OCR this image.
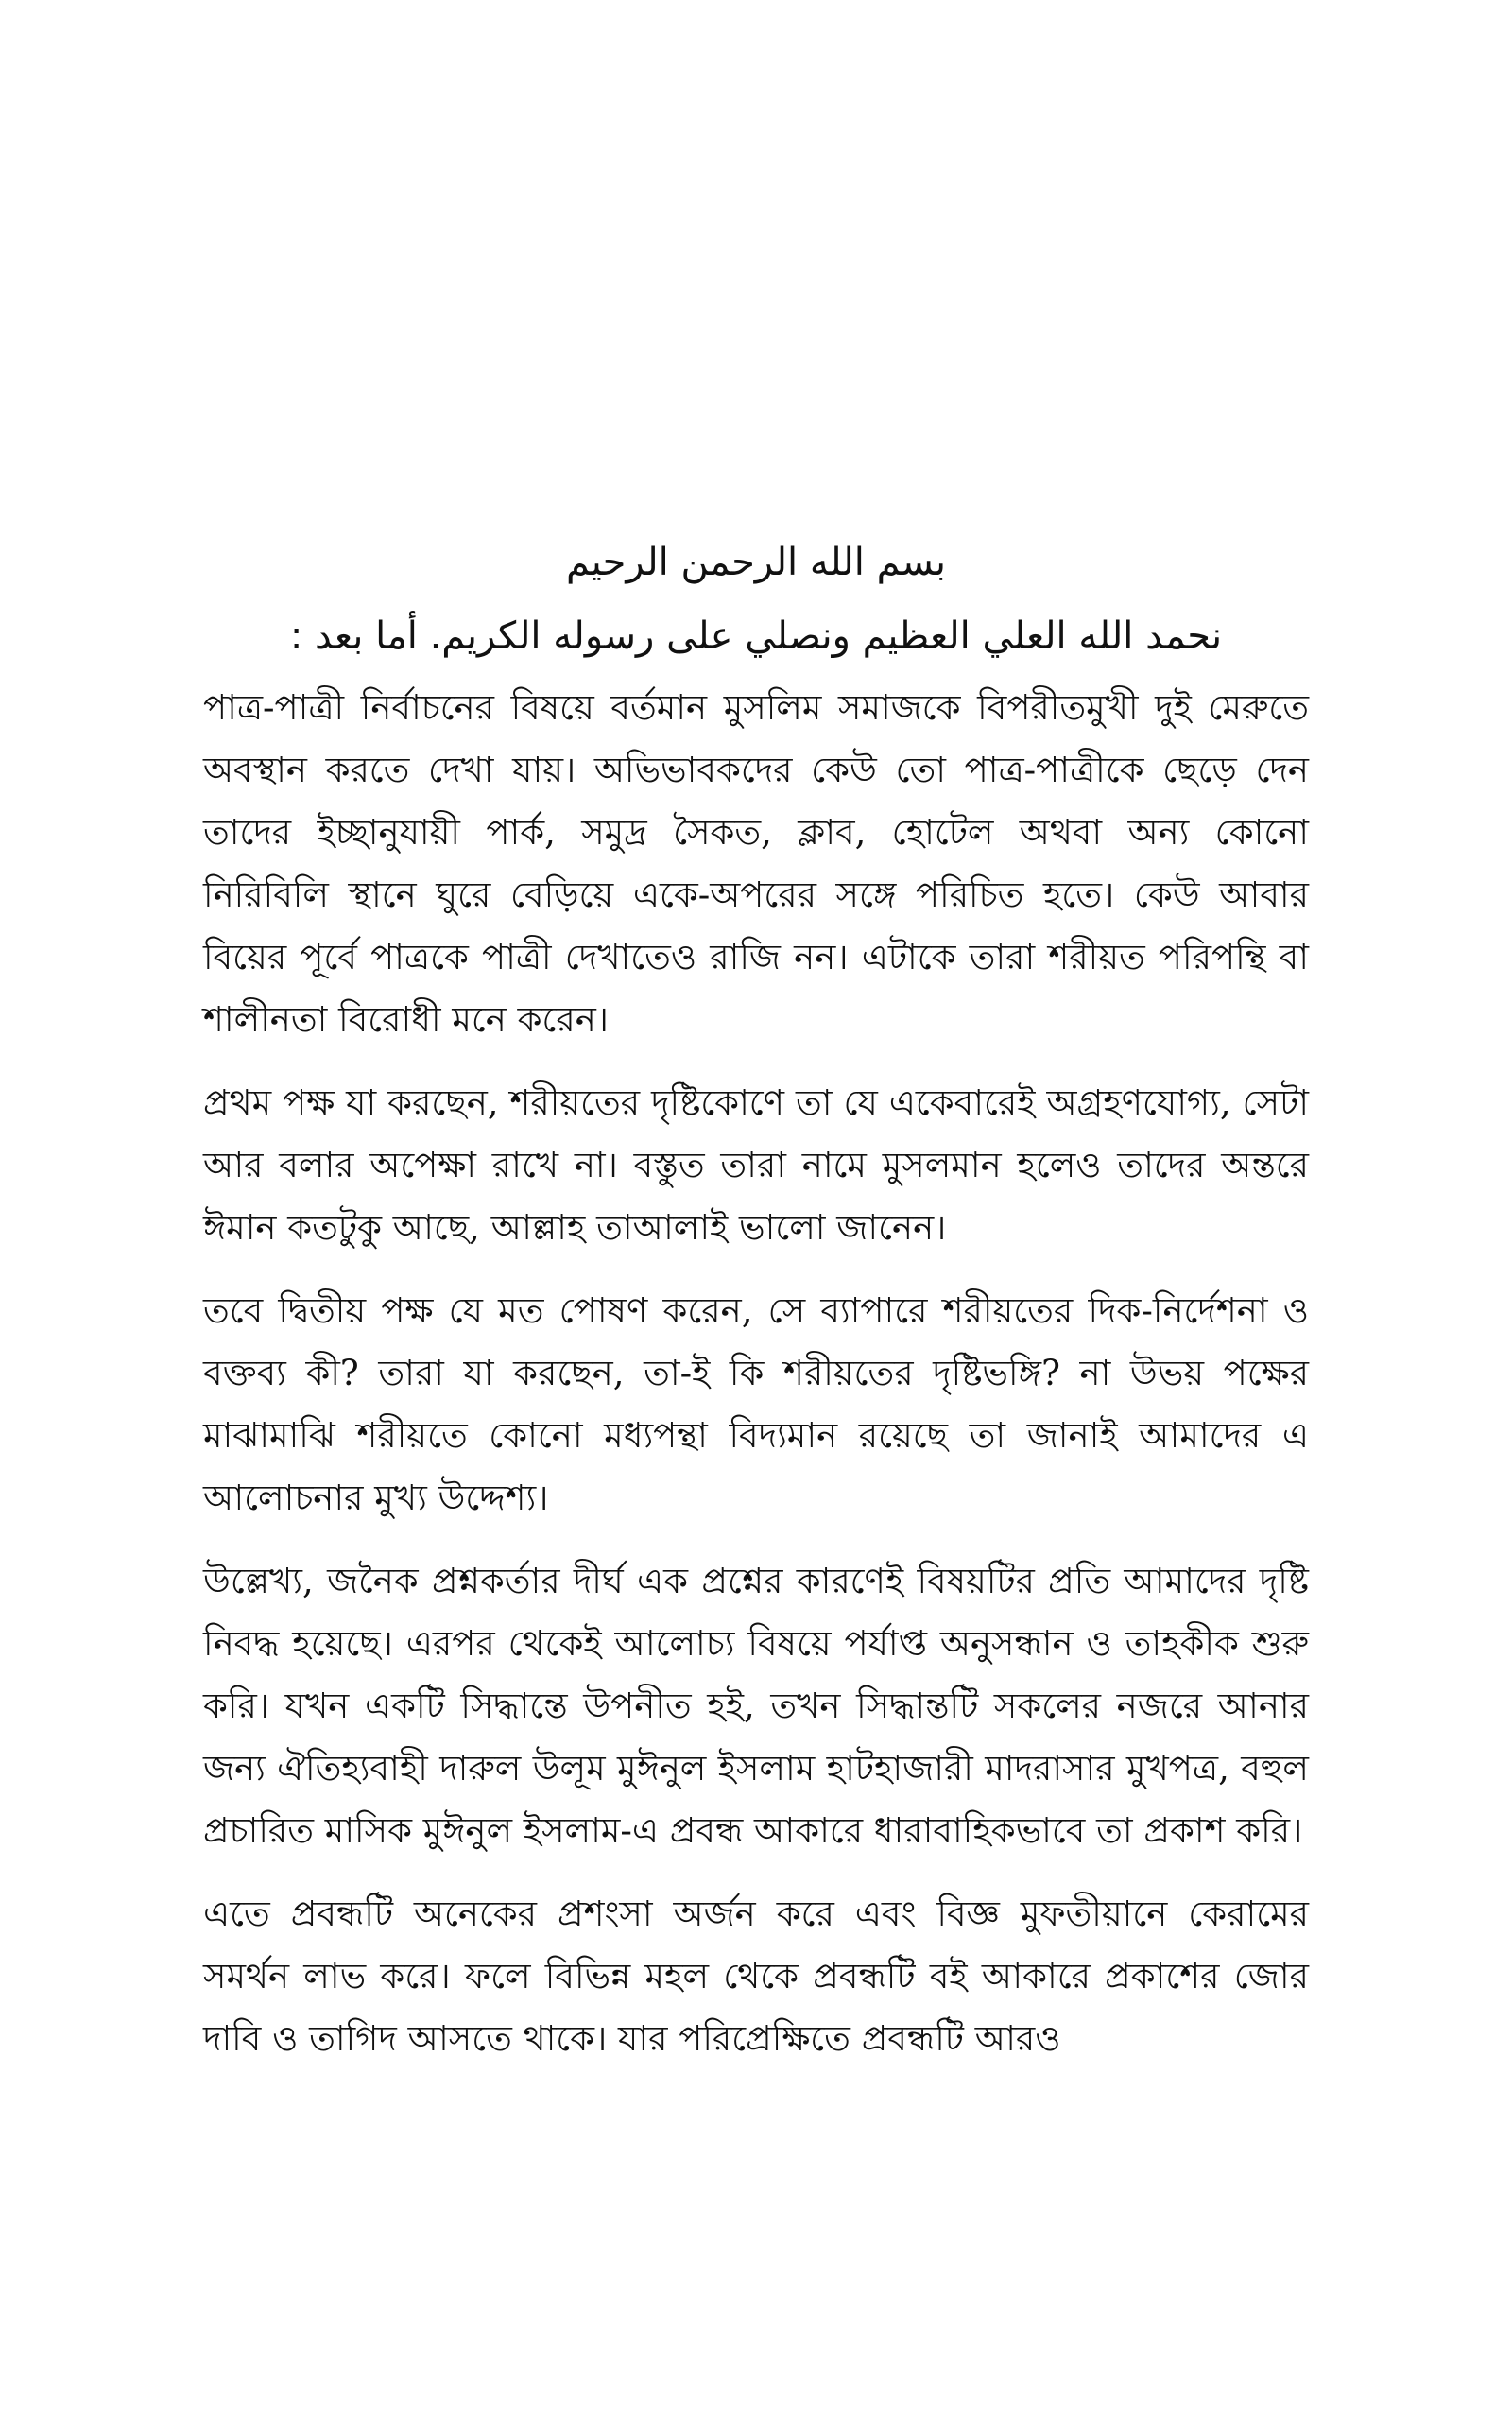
بسم الله الرحمن الرحيم

نحمد الله العلي العظيم ونصلي على رسوله الكريم. أما بعد :

পাত্র-পাত্রী নির্বাচনের বিষয়ে বর্তমান মুসলিম সমাজকে বিপরীতমুখী দুই মেরুতে অবস্থান করতে দেখা যায়। অভিভাবকদের কেউ তো পাত্র-পাত্রীকে ছেড়ে দেন তাদের ইচ্ছানুযায়ী পার্ক, সমুদ্র সৈকত, ক্লাব, হোটেল অথবা অন্য কোনো নিরিবিলি স্থানে ঘুরে বেড়িয়ে একে-অপরের সঙ্গে পরিচিত হতে। কেউ আবার বিয়ের পূর্বে পাত্রকে পাত্রী দেখাতেও রাজি নন। এটাকে তারা শরীয়ত পরিপন্থি বা শালীনতা বিরোধী মনে করেন।

প্রথম পক্ষ যা করছেন, শরীয়তের দৃষ্টিকোণে তা যে একেবারেই অগ্রহণযোগ্য, সেটা আর বলার অপেক্ষা রাখে না। বস্তুত তারা নামে মুসলমান হলেও তাদের অন্তরে ঈমান কতটুকু আছে, আল্লাহ তাআলাই ভালো জানেন।

তবে দ্বিতীয় পক্ষ যে মত পোষণ করেন, সে ব্যাপারে শরীয়তের দিক-নির্দেশনা ও বক্তব্য কী? তারা যা করছেন, তা-ই কি শরীয়তের দৃষ্টিভঙ্গি? না উভয় পক্ষের মাঝামাঝি শরীয়তে কোনো মধ্যপন্থা বিদ্যমান রয়েছে তা জানাই আমাদের এ আলোচনার মুখ্য উদ্দেশ্য।

উল্লেখ্য, জনৈক প্রশ্নকর্তার দীর্ঘ এক প্রশ্নের কারণেই বিষয়টির প্রতি আমাদের দৃষ্টি নিবদ্ধ হয়েছে। এরপর থেকেই আলোচ্য বিষয়ে পর্যাপ্ত অনুসন্ধান ও তাহকীক শুরু করি। যখন একটি সিদ্ধান্তে উপনীত হই, তখন সিদ্ধান্তটি সকলের নজরে আনার জন্য ঐতিহ্যবাহী দারুল উলূম মুঈনুল ইসলাম হাটহাজারী মাদরাসার মুখপত্র, বহুল প্রচারিত মাসিক মুঈনুল ইসলাম-এ প্রবন্ধ আকারে ধারাবাহিকভাবে তা প্রকাশ করি।

এতে প্রবন্ধটি অনেকের প্রশংসা অর্জন করে এবং বিজ্ঞ মুফতীয়ানে কেরামের সমর্থন লাভ করে। ফলে বিভিন্ন মহল থেকে প্রবন্ধটি বই আকারে প্রকাশের জোর দাবি ও তাগিদ আসতে থাকে। যার পরিপ্রেক্ষিতে প্রবন্ধটি আরও
